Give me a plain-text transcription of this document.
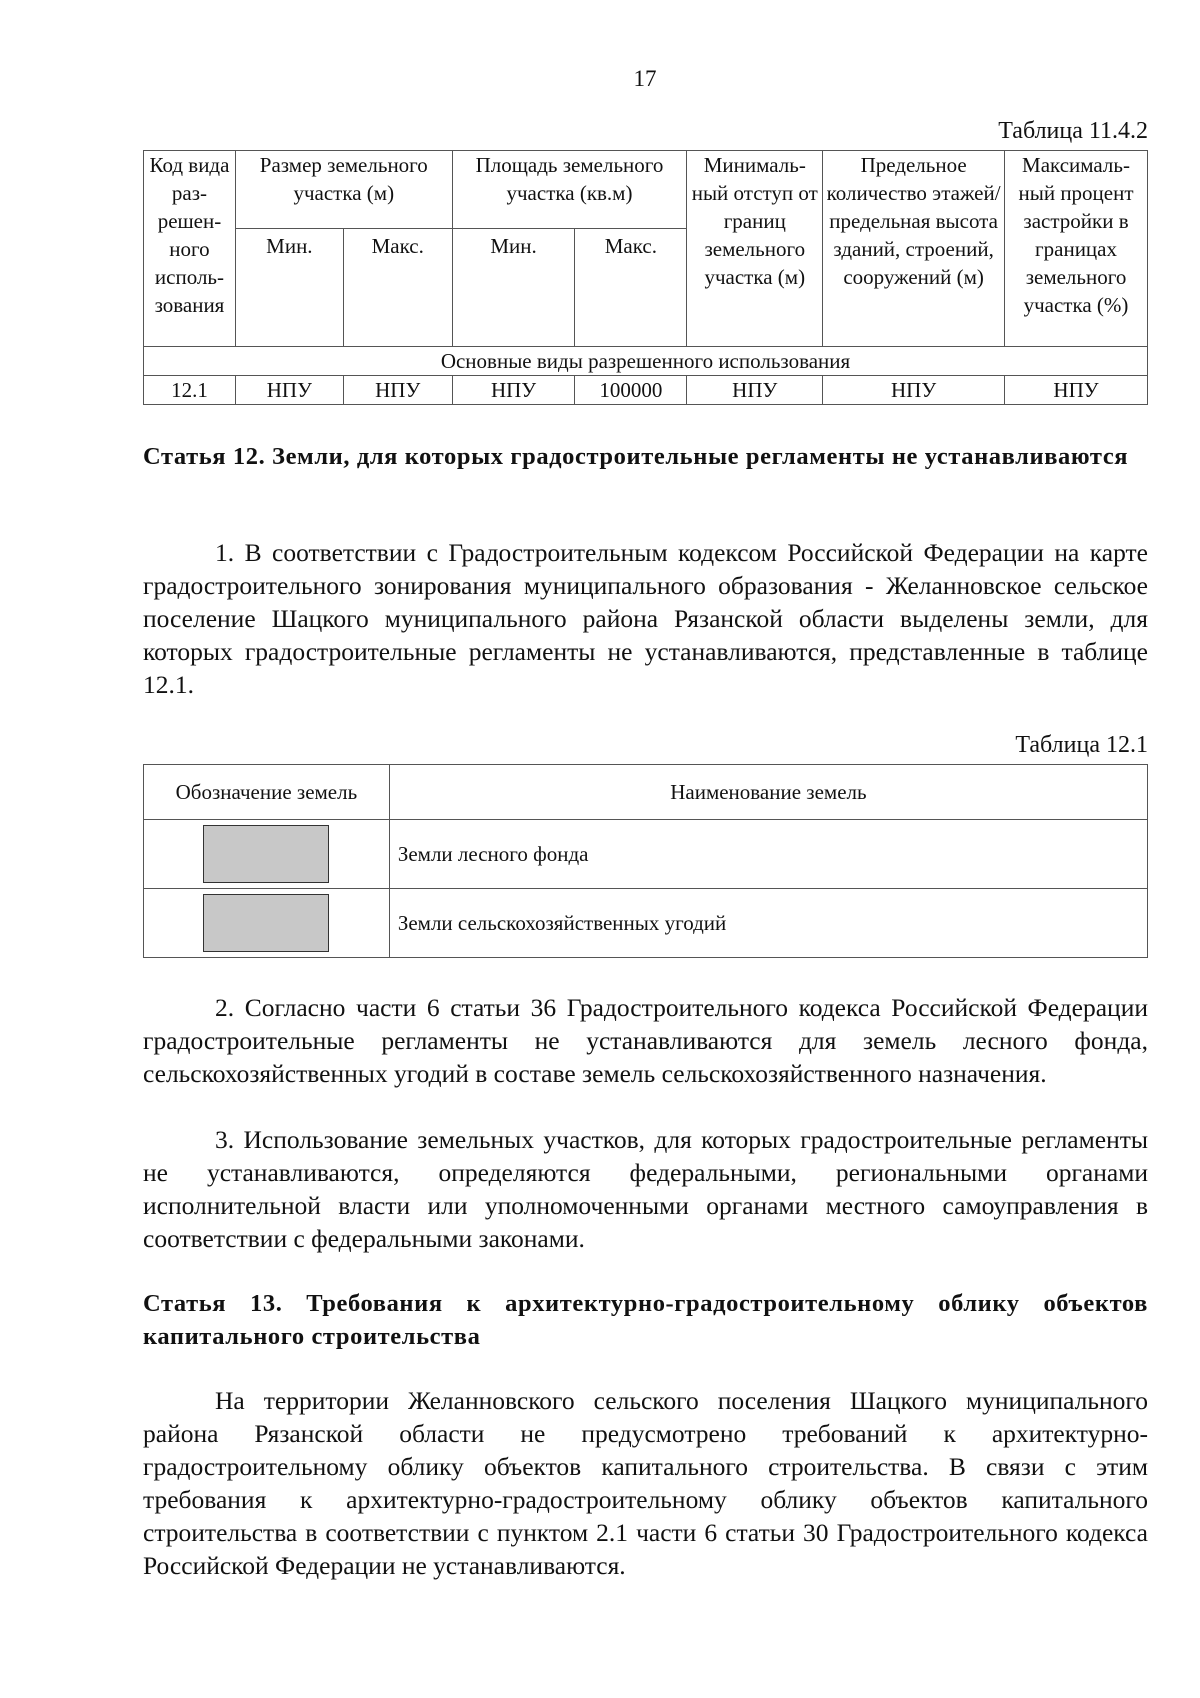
17
Таблица 11.4.2
Код вида раз- решен- ного исполь- зования	Размер земельного участка (м)		Площадь земельного участка (кв.м)		Минималь- ный отступ от границ земельного участка (м)	Предельное количество этажей/ предельная высота зданий, строений, сооружений (м)	Максималь- ный процент застройки в границах земельного участка (%)
	Мин.	Макс.	Мин.	Макс.			
Основные виды разрешенного использования							
12.1	НПУ	НПУ	НПУ	100000	НПУ	НПУ	НПУ
Статья 12. Земли, для которых градостроительные регламенты не устанавливаются
1. В соответствии с Градостроительным кодексом Российской Федерации на карте градостроительного зонирования муниципального образования - Желанновское сельское поселение Шацкого муниципального района Рязанской области выделены земли, для которых градостроительные регламенты не устанавливаются, представленные в таблице 12.1.
Таблица 12.1
Обозначение земель	Наименование земель
	Земли лесного фонда
	Земли сельскохозяйственных угодий
2. Согласно части 6 статьи 36 Градостроительного кодекса Российской Федерации градостроительные регламенты не устанавливаются для земель лесного фонда, сельскохозяйственных угодий в составе земель сельскохозяйственного назначения.
3. Использование земельных участков, для которых градостроительные регламенты не устанавливаются, определяются федеральными, региональными органами исполнительной власти или уполномоченными органами местного самоуправления в соответствии с федеральными законами.
Статья 13. Требования к архитектурно-градостроительному облику объектов капитального строительства
На территории Желанновского сельского поселения Шацкого муниципального района Рязанской области не предусмотрено требований к архитектурно-градостроительному облику объектов капитального строительства. В связи с этим требования к архитектурно-градостроительному облику объектов капитального строительства в соответствии с пунктом 2.1 части 6 статьи 30 Градостроительного кодекса Российской Федерации не устанавливаются.
